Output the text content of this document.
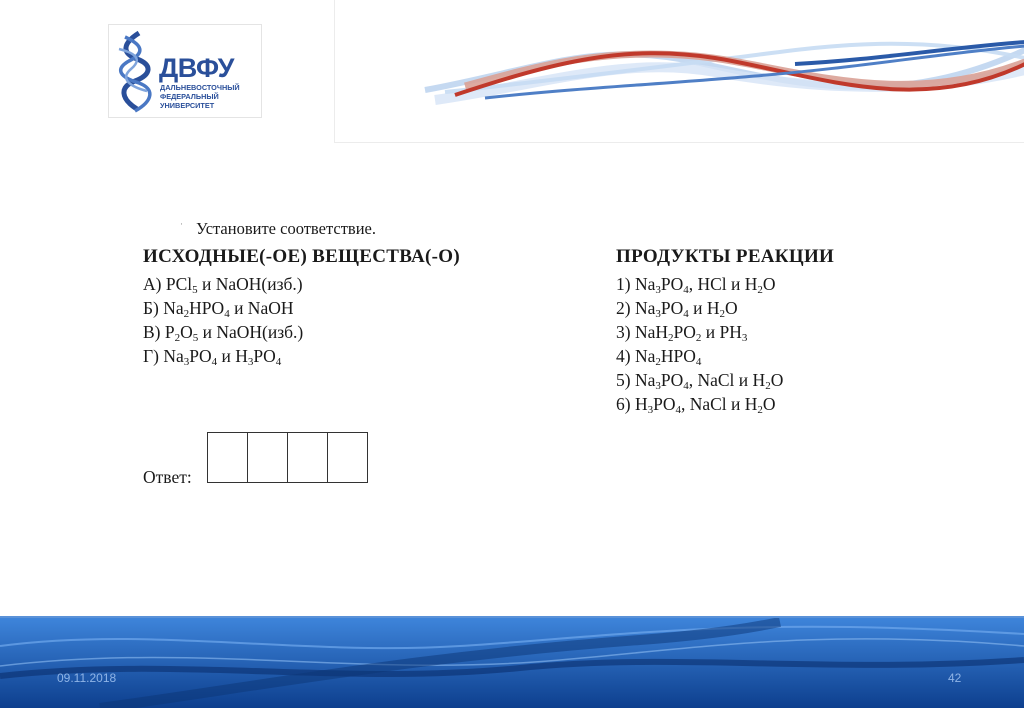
ДВФУ
ДАЛЬНЕВОСТОЧНЫЙ
ФЕДЕРАЛЬНЫЙ
УНИВЕРСИТЕТ
· Установите соответствие.
ИСХОДНЫЕ(-ОЕ) ВЕЩЕСТВА(-О)	ПРОДУКТЫ РЕАКЦИИ
А) PCl$_5$ и NaOH(изб.)
Б) $Na_2HPO_4$ и NaOH
В) $P_2O_5$ и NaOH(изб.)
Г) $Na_3PO_4$ и $H_3PO_4$
1) $Na_3PO_4$, HCl и $H_2O$
2) $Na_3PO_4$ и $H_2O$
3) $NaH_2PO_2$ и $PH_3$
4) $Na_2HPO_4$
5) $Na_3PO_4$, NaCl и $H_2O$
6) $H_3PO_4$, NaCl и $H_2O$
Ответ:
09.11.2018	42
